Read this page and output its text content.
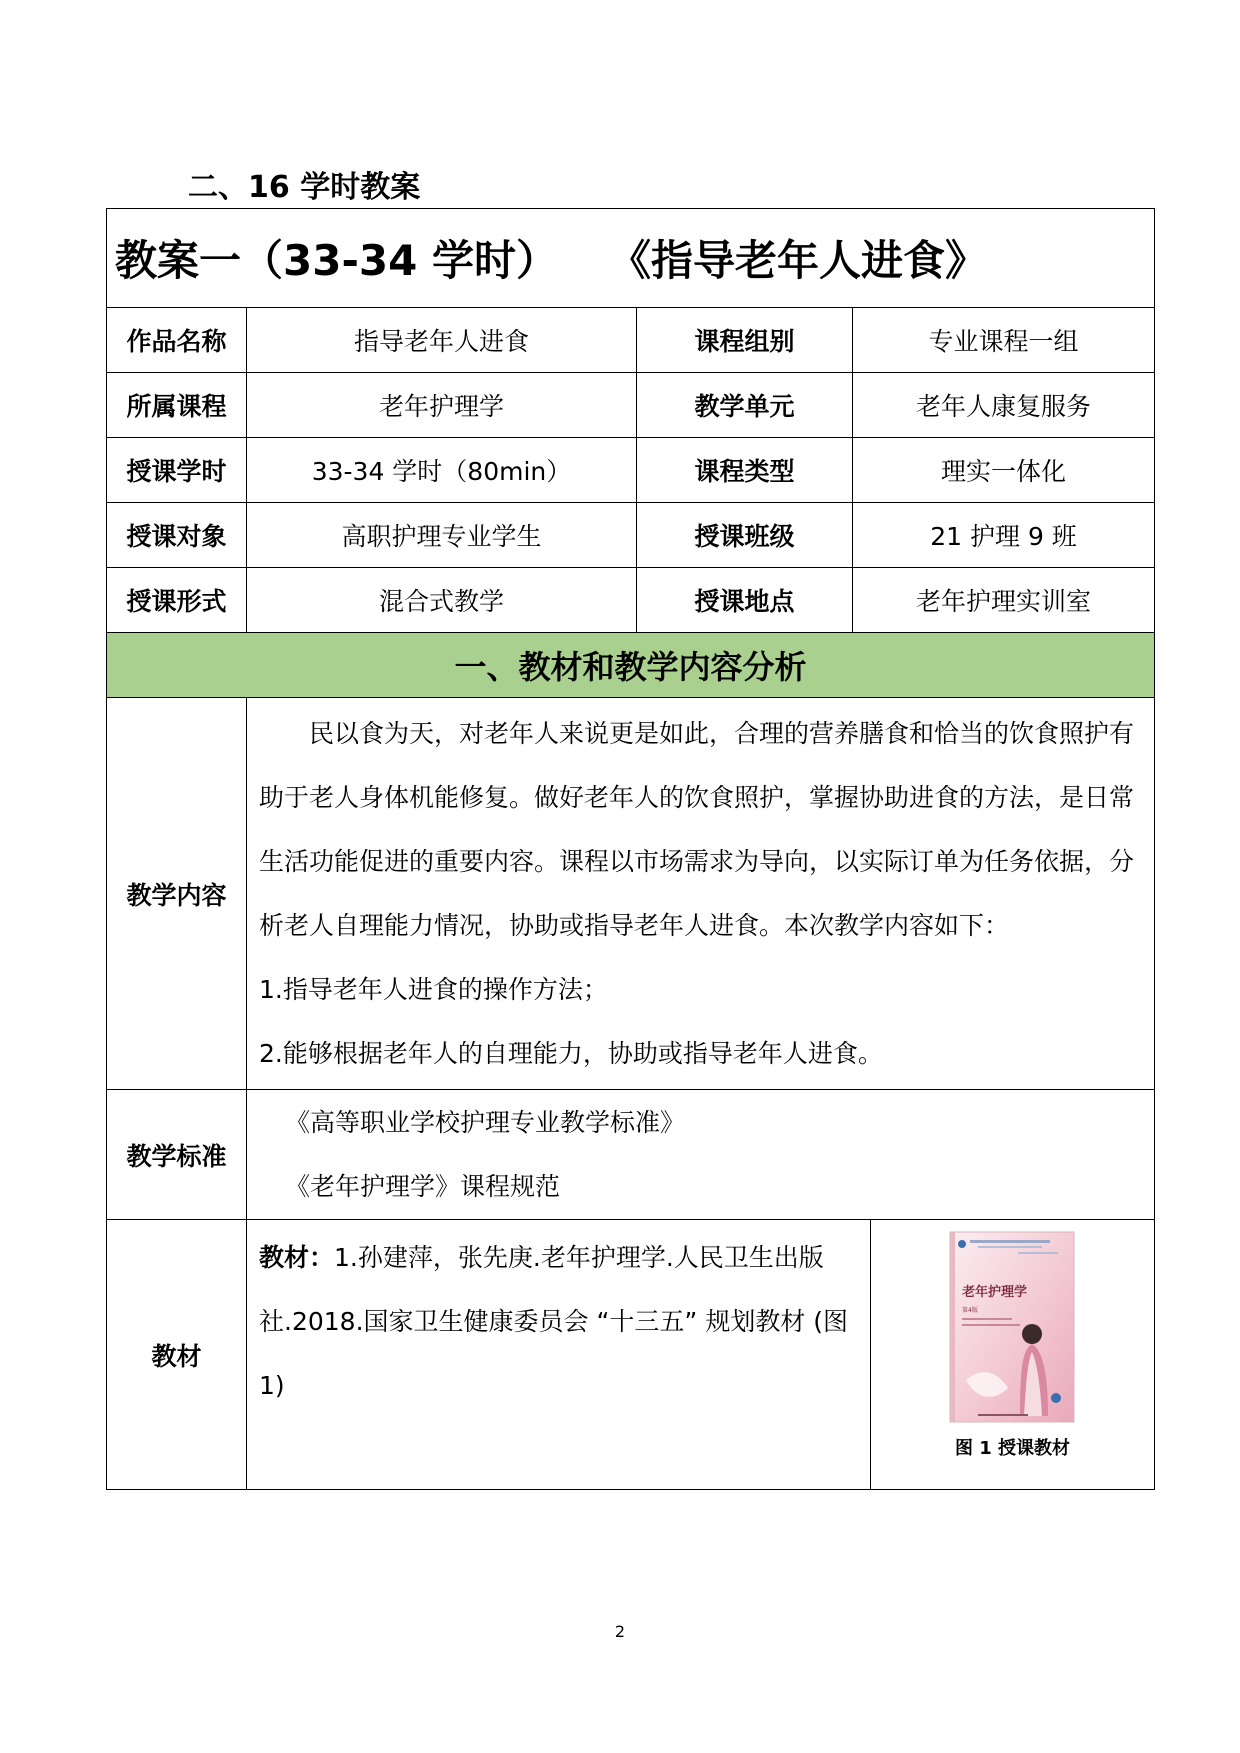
二、16 学时教案
教案一（33-34 学时） 《指导老年人进食》				

作品名称	指导老年人进食	课程组别	专业课程一组	
所属课程	老年护理学	教学单元	老年人康复服务	
授课学时	33-34 学时（80min）	课程类型	理实一体化	
授课对象	高职护理专业学生	授课班级	21 护理 9 班	
授课形式	混合式教学	授课地点	老年护理实训室	
一、教材和教学内容分析				
教学内容	民以食为天，对老年人来说更是如此，合理的营养膳食和恰当的饮食照护有助于老人身体机能修复。做好老年人的饮食照护，掌握协助进食的方法，是日常生活功能促进的重要内容。课程以市场需求为导向，以实际订单为任务依据，分析老人自理能力情况，协助或指导老年人进食。本次教学内容如下：

1.指导老年人进食的操作方法；

2.能够根据老年人的自理能力，协助或指导老年人进食。			

教学标准	《高等职业学校护理专业教学标准》

《老年护理学》课程规范			

教材	教材：1.孙建萍，张先庚.老年护理学.人民卫生出版社.2018.国家卫生健康委员会 “十三五” 规划教材 (图 1)			老年护理学
第4版
图 1 授课教材
2
